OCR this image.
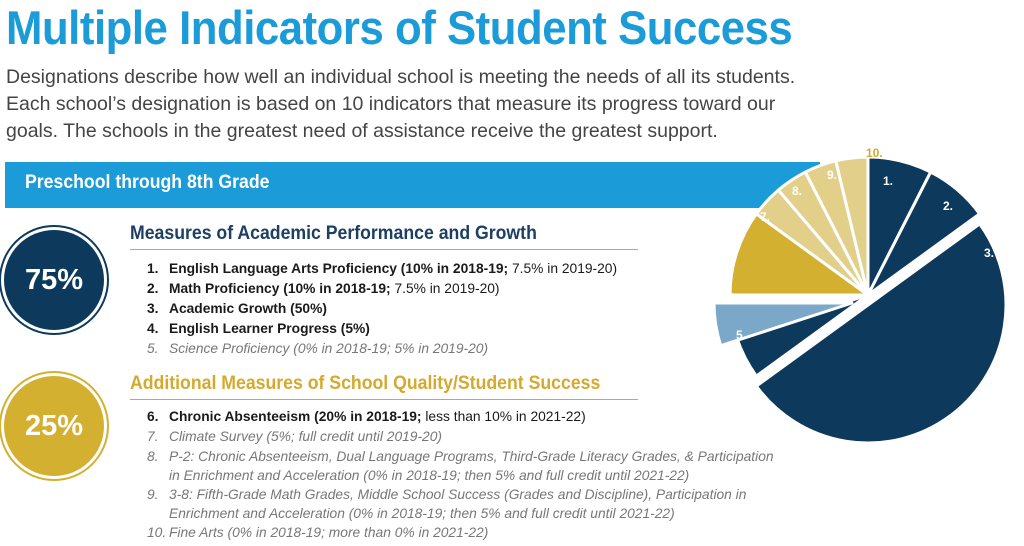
Multiple Indicators of Student Success
Designations describe how well an individual school is meeting the needs of all its students.
Each school’s designation is based on 10 indicators that measure its progress toward our
goals. The schools in the greatest need of assistance receive the greatest support.
Preschool through 8th Grade
75%
Measures of Academic Performance and Growth
1. English Language Arts Proficiency (10% in 2018-19; 7.5% in 2019-20)
2. Math Proficiency (10% in 2018-19; 7.5% in 2019-20)
3. Academic Growth (50%)
4. English Learner Progress (5%)
5. Science Proficiency (0% in 2018-19; 5% in 2019-20)
25%
Additional Measures of School Quality/Student Success
6. Chronic Absenteeism (20% in 2018-19; less than 10% in 2021-22)
7. Climate Survey (5%; full credit until 2019-20)
8. P-2: Chronic Absenteeism, Dual Language Programs, Third-Grade Literacy Grades, & Participation
in Enrichment and Acceleration (0% in 2018-19; then 5% and full credit until 2021-22)
9. 3-8: Fifth-Grade Math Grades, Middle School Success (Grades and Discipline), Participation in
Enrichment and Acceleration (0% in 2018-19; then 5% and full credit until 2021-22)
10. Fine Arts (0% in 2018-19; more than 0% in 2021-22)
1.
2.
3.
4.
5.
6.
7.
8.
9.
10.
